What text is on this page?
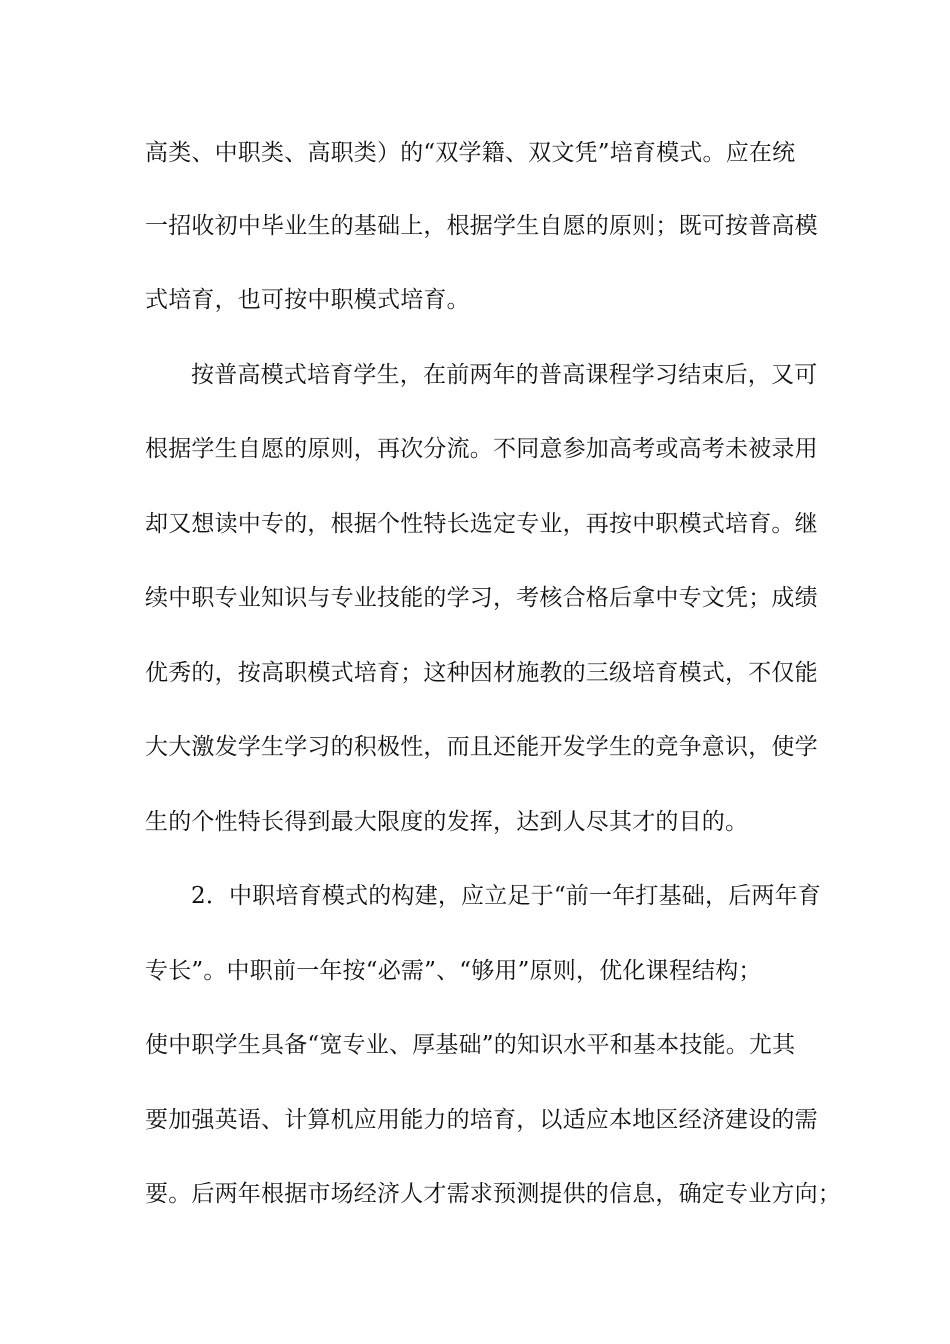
高类、中职类、高职类）的“双学籍、双文凭”培育模式。应在统
一招收初中毕业生的基础上，根据学生自愿的原则；既可按普高模
式培育，也可按中职模式培育。
按普高模式培育学生，在前两年的普高课程学习结束后，又可
根据学生自愿的原则，再次分流。不同意参加高考或高考未被录用
却又想读中专的，根据个性特长选定专业，再按中职模式培育。继
续中职专业知识与专业技能的学习，考核合格后拿中专文凭；成绩
优秀的，按高职模式培育；这种因材施教的三级培育模式，不仅能
大大激发学生学习的积极性，而且还能开发学生的竞争意识，使学
生的个性特长得到最大限度的发挥，达到人尽其才的目的。
2．中职培育模式的构建，应立足于“前一年打基础，后两年育
专长”。中职前一年按“必需”、“够用”原则，优化课程结构；
使中职学生具备“宽专业、厚基础”的知识水平和基本技能。尤其
要加强英语、计算机应用能力的培育，以适应本地区经济建设的需
要。后两年根据市场经济人才需求预测提供的信息，确定专业方向；
